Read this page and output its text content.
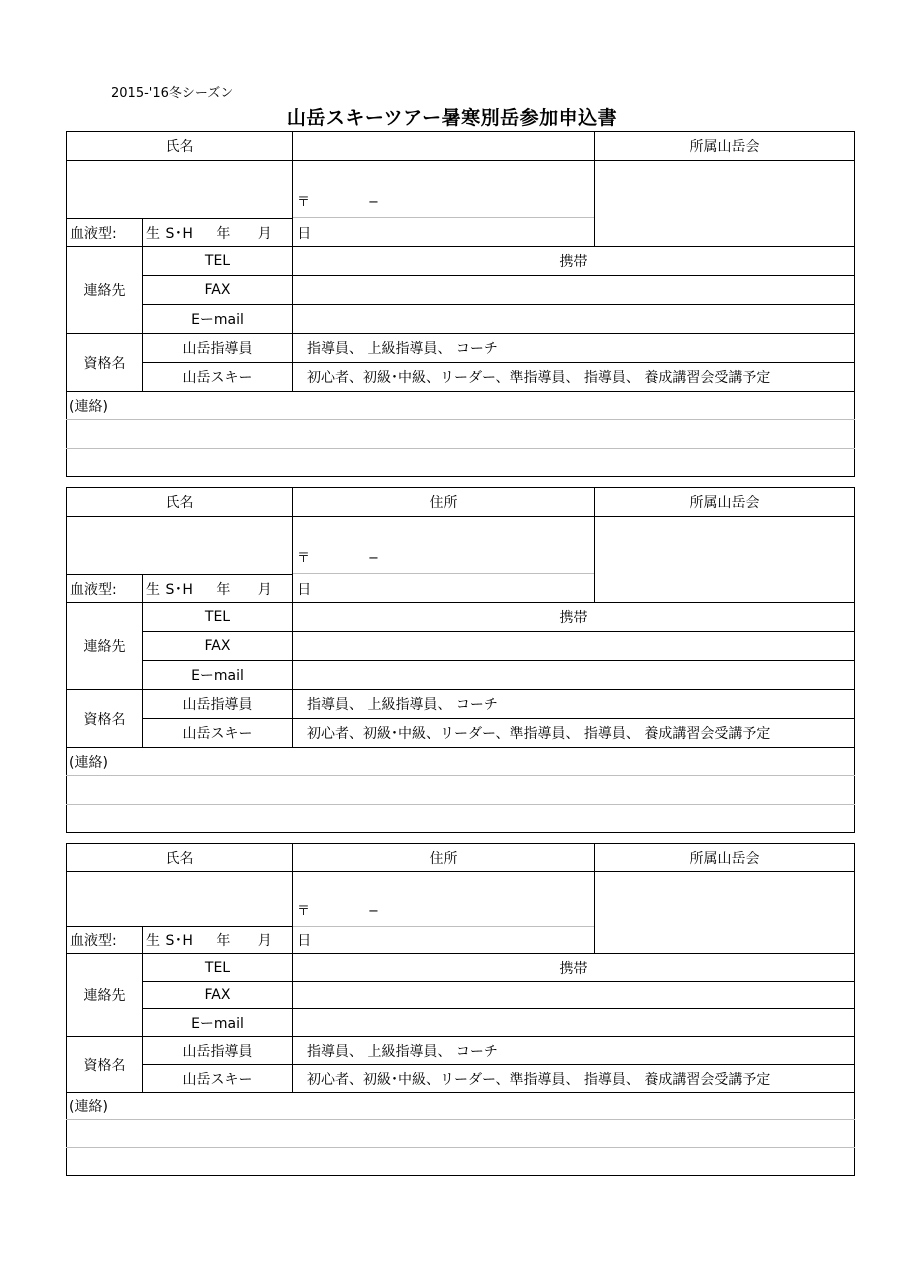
2015-'16冬シーズン
山岳スキーツアー暑寒別岳参加申込書
氏名			所属山岳会

		〒 −	

血液型:	生 S･H 年 月 日		
連絡先	TEL	携帯	
	FAX		
	Eーmail		
資格名	山岳指導員	指導員、 上級指導員、 コーチ	
	山岳スキー	初心者、初級･中級、リーダー、準指導員、 指導員、 養成講習会受講予定	
(連絡)			

氏名		住所	所属山岳会

		〒 −	

血液型:	生 S･H 年 月 日		
連絡先	TEL	携帯	
	FAX		
	Eーmail		
資格名	山岳指導員	指導員、 上級指導員、 コーチ	
	山岳スキー	初心者、初級･中級、リーダー、準指導員、 指導員、 養成講習会受講予定	
(連絡)			

氏名		住所	所属山岳会

		〒 −	

血液型:	生 S･H 年 月 日		
連絡先	TEL	携帯	
	FAX		
	Eーmail		
資格名	山岳指導員	指導員、 上級指導員、 コーチ	
	山岳スキー	初心者、初級･中級、リーダー、準指導員、 指導員、 養成講習会受講予定	
(連絡)			
